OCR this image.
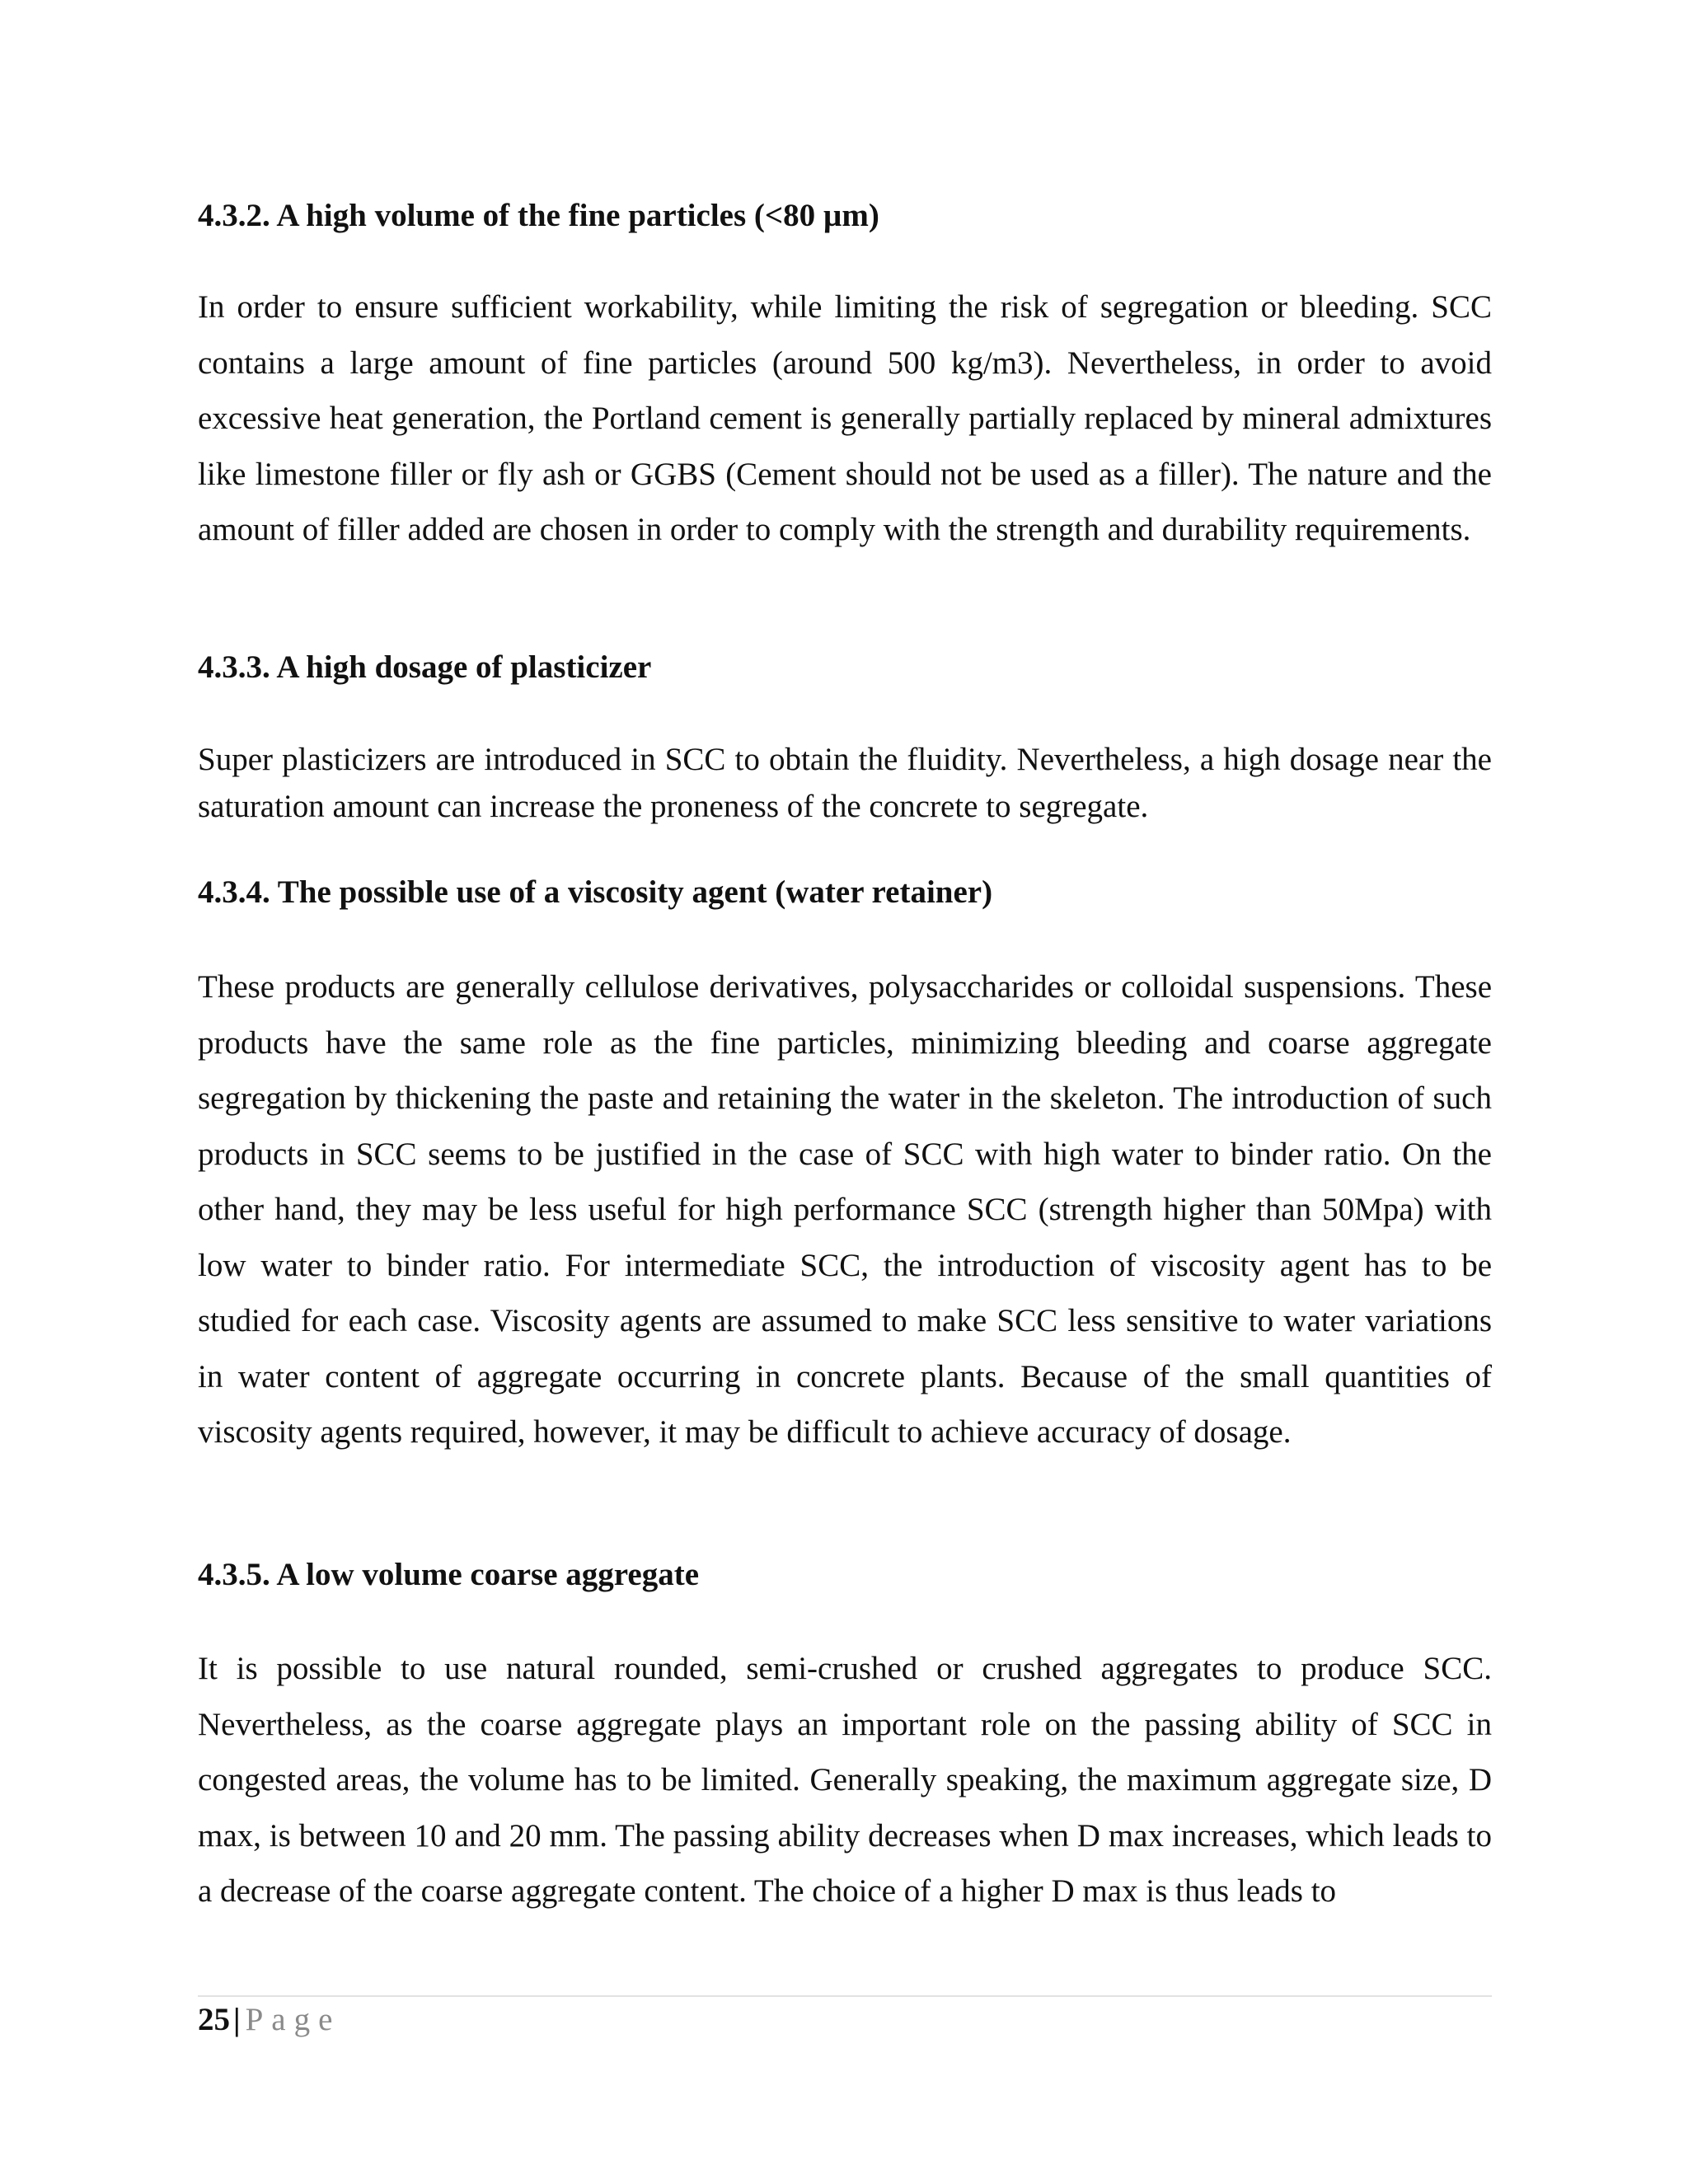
4.3.2. A high volume of the fine particles (<80 µm)

In order to ensure sufficient workability, while limiting the risk of segregation or bleeding. SCC contains a large amount of fine particles (around 500 kg/m3). Nevertheless, in order to avoid excessive heat generation, the Portland cement is generally partially replaced by mineral admixtures like limestone filler or fly ash or GGBS (Cement should not be used as a filler). The nature and the amount of filler added are chosen in order to comply with the strength and durability requirements.

4.3.3. A high dosage of plasticizer

Super plasticizers are introduced in SCC to obtain the fluidity. Nevertheless, a high dosage near the saturation amount can increase the proneness of the concrete to segregate.

4.3.4. The possible use of a viscosity agent (water retainer)

These products are generally cellulose derivatives, polysaccharides or colloidal suspensions. These products have the same role as the fine particles, minimizing bleeding and coarse aggregate segregation by thickening the paste and retaining the water in the skeleton. The introduction of such products in SCC seems to be justified in the case of SCC with high water to binder ratio. On the other hand, they may be less useful for high performance SCC (strength higher than 50Mpa) with low water to binder ratio. For intermediate SCC, the introduction of viscosity agent has to be studied for each case. Viscosity agents are assumed to make SCC less sensitive to water variations in water content of aggregate occurring in concrete plants. Because of the small quantities of viscosity agents required, however, it may be difficult to achieve accuracy of dosage.

4.3.5. A low volume coarse aggregate

It is possible to use natural rounded, semi-crushed or crushed aggregates to produce SCC. Nevertheless, as the coarse aggregate plays an important role on the passing ability of SCC in congested areas, the volume has to be limited. Generally speaking, the maximum aggregate size, D max, is between 10 and 20 mm. The passing ability decreases when D max increases, which leads to a decrease of the coarse aggregate content. The choice of a higher D max is thus leads to

25 | Page
